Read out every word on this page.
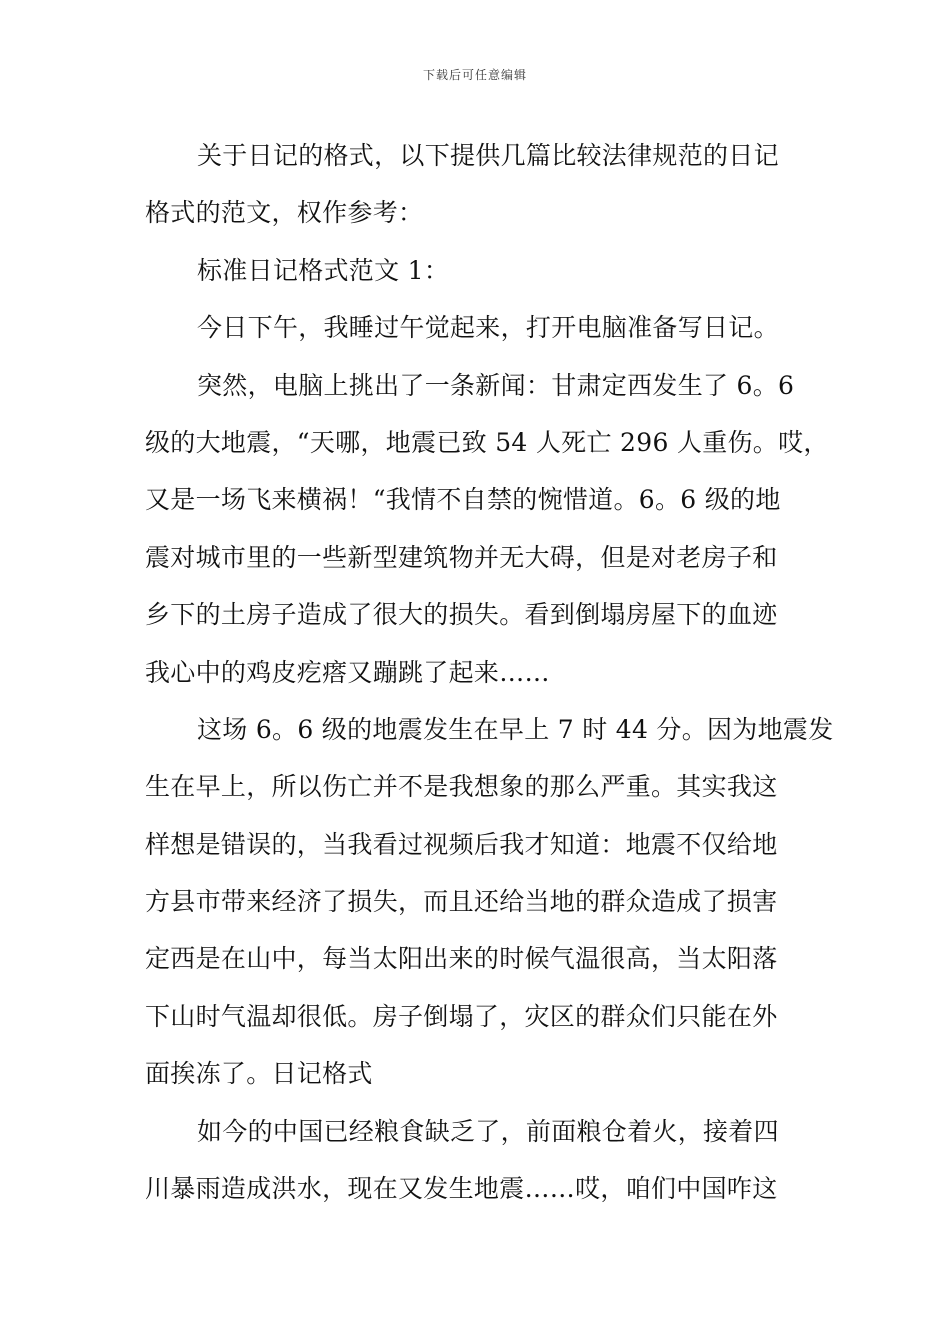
下载后可任意编辑
关于日记的格式，以下提供几篇比较法律规范的日记
格式的范文，权作参考：
标准日记格式范文 1：
今日下午，我睡过午觉起来，打开电脑准备写日记。
突然，电脑上挑出了一条新闻：甘肃定西发生了 6。6
级的大地震，“天哪，地震已致 54 人死亡 296 人重伤。哎，
又是一场飞来横祸！“我情不自禁的惋惜道。6。6 级的地
震对城市里的一些新型建筑物并无大碍，但是对老房子和
乡下的土房子造成了很大的损失。看到倒塌房屋下的血迹
我心中的鸡皮疙瘩又蹦跳了起来……
这场 6。6 级的地震发生在早上 7 时 44 分。因为地震发
生在早上，所以伤亡并不是我想象的那么严重。其实我这
样想是错误的，当我看过视频后我才知道：地震不仅给地
方县市带来经济了损失，而且还给当地的群众造成了损害
定西是在山中，每当太阳出来的时候气温很高，当太阳落
下山时气温却很低。房子倒塌了，灾区的群众们只能在外
面挨冻了。日记格式
如今的中国已经粮食缺乏了，前面粮仓着火，接着四
川暴雨造成洪水，现在又发生地震……哎，咱们中国咋这
